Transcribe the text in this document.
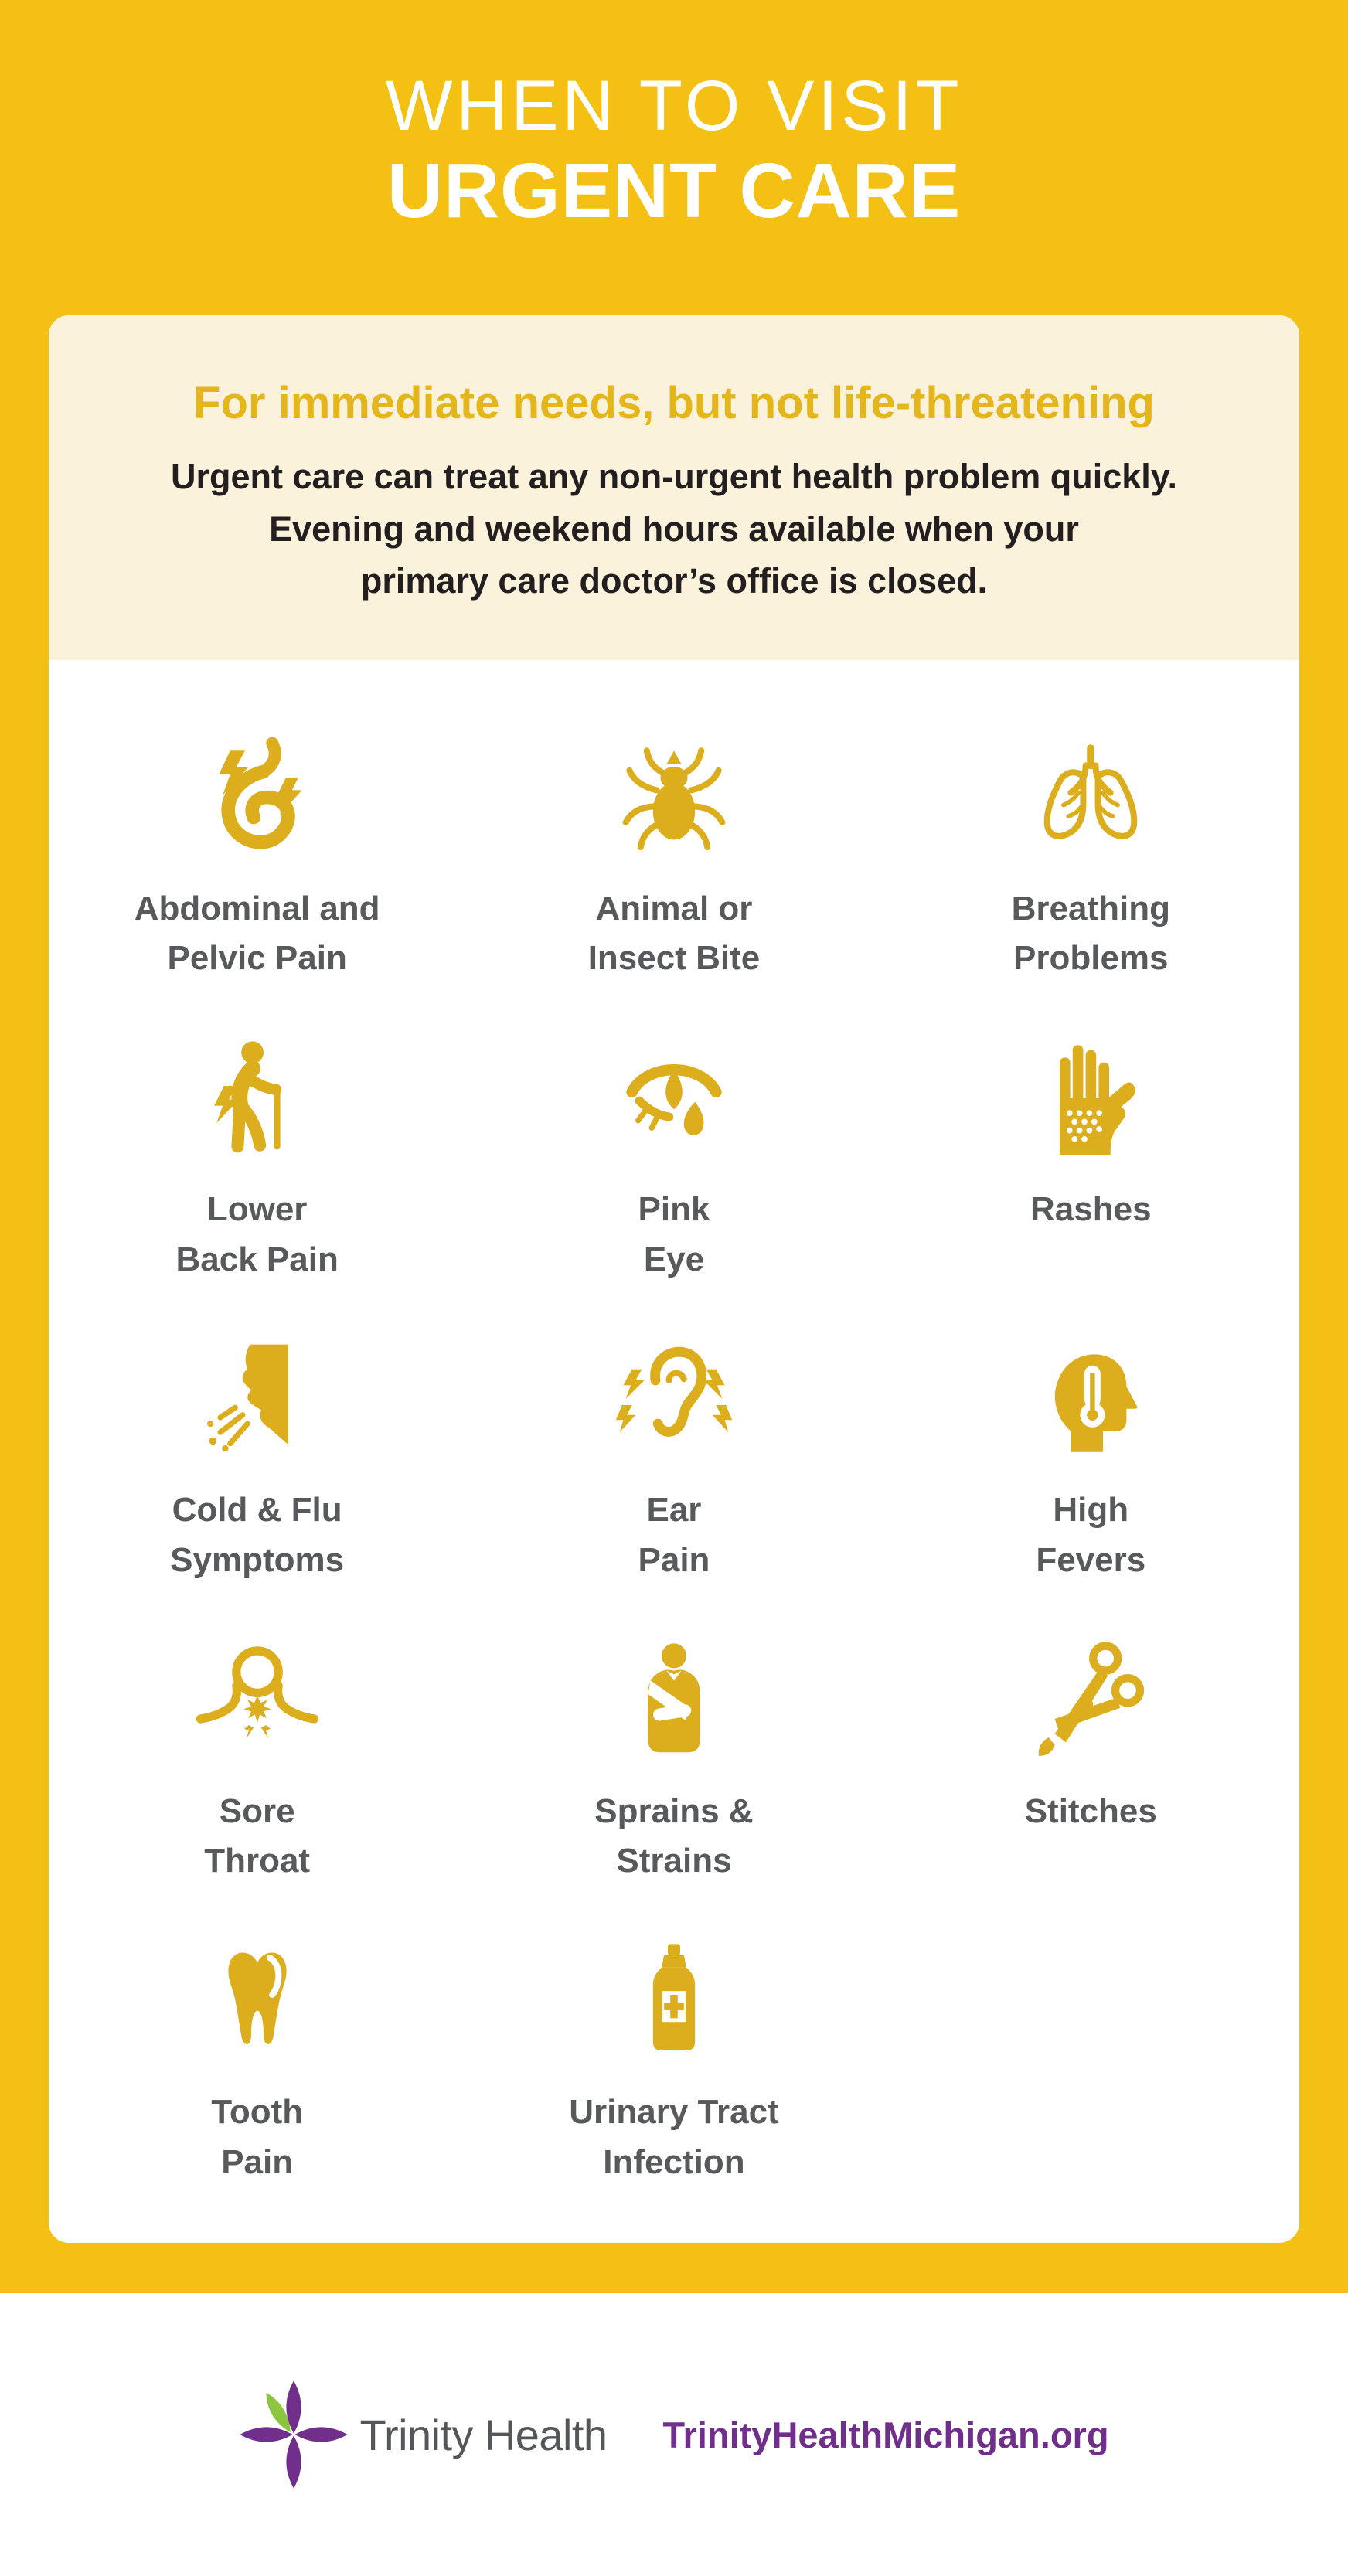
WHEN TO VISIT
URGENT CARE
For immediate needs, but not life-threatening
Urgent care can treat any non-urgent health problem quickly.
Evening and weekend hours available when your
primary care doctor’s office is closed.
Abdominal and
Pelvic Pain
Animal or
Insect Bite
Breathing
Problems
Lower
Back Pain
Pink
Eye
Rashes
Cold & Flu
Symptoms
Ear
Pain
High
Fevers
Sore
Throat
Sprains &
Strains
Stitches
Tooth
Pain
Urinary Tract
Infection
Trinity Health TrinityHealthMichigan.org
